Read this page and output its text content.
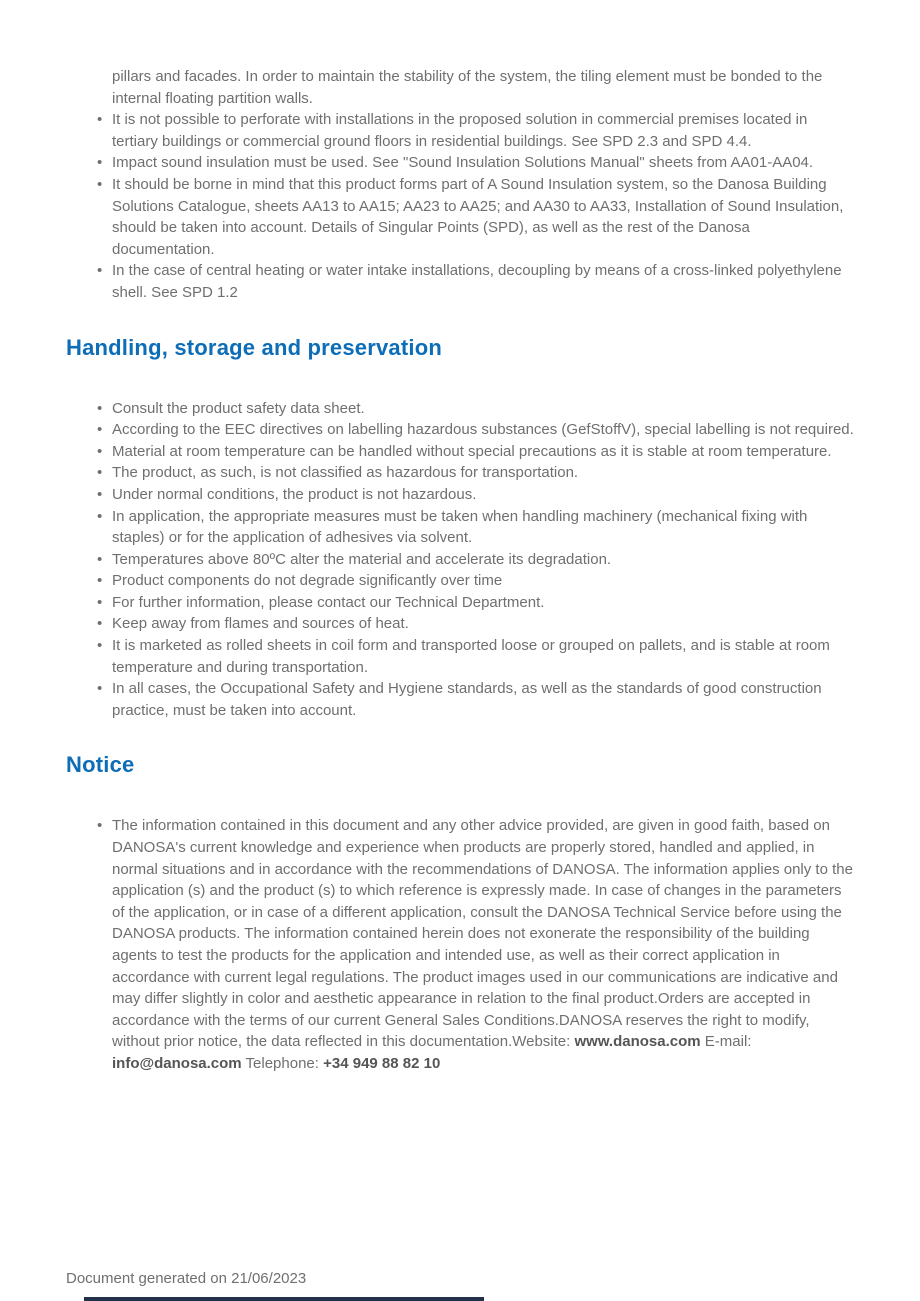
pillars and facades. In order to maintain the stability of the system, the tiling element must be bonded to the internal floating partition walls.

• It is not possible to perforate with installations in the proposed solution in commercial premises located in tertiary buildings or commercial ground floors in residential buildings. See SPD 2.3 and SPD 4.4.
• Impact sound insulation must be used. See "Sound Insulation Solutions Manual" sheets from AA01-AA04.
• It should be borne in mind that this product forms part of A Sound Insulation system, so the Danosa Building Solutions Catalogue, sheets AA13 to AA15; AA23 to AA25; and AA30 to AA33, Installation of Sound Insulation, should be taken into account. Details of Singular Points (SPD), as well as the rest of the Danosa documentation.
• In the case of central heating or water intake installations, decoupling by means of a cross-linked polyethylene shell. See SPD 1.2
Handling, storage and preservation
• Consult the product safety data sheet.
• According to the EEC directives on labelling hazardous substances (GefStoffV), special labelling is not required.
• Material at room temperature can be handled without special precautions as it is stable at room temperature.
• The product, as such, is not classified as hazardous for transportation.
• Under normal conditions, the product is not hazardous.
• In application, the appropriate measures must be taken when handling machinery (mechanical fixing with staples) or for the application of adhesives via solvent.
• Temperatures above 80ºC alter the material and accelerate its degradation.
• Product components do not degrade significantly over time
• For further information, please contact our Technical Department.
• Keep away from flames and sources of heat.
• It is marketed as rolled sheets in coil form and transported loose or grouped on pallets, and is stable at room temperature and during transportation.
• In all cases, the Occupational Safety and Hygiene standards, as well as the standards of good construction practice, must be taken into account.
Notice
• The information contained in this document and any other advice provided, are given in good faith, based on DANOSA's current knowledge and experience when products are properly stored, handled and applied, in normal situations and in accordance with the recommendations of DANOSA. The information applies only to the application (s) and the product (s) to which reference is expressly made. In case of changes in the parameters of the application, or in case of a different application, consult the DANOSA Technical Service before using the DANOSA products. The information contained herein does not exonerate the responsibility of the building agents to test the products for the application and intended use, as well as their correct application in accordance with current legal regulations. The product images used in our communications are indicative and may differ slightly in color and aesthetic appearance in relation to the final product.Orders are accepted in accordance with the terms of our current General Sales Conditions.DANOSA reserves the right to modify, without prior notice, the data reflected in this documentation.Website: www.danosa.com E-mail: info@danosa.com Telephone: +34 949 88 82 10
Document generated on 21/06/2023
